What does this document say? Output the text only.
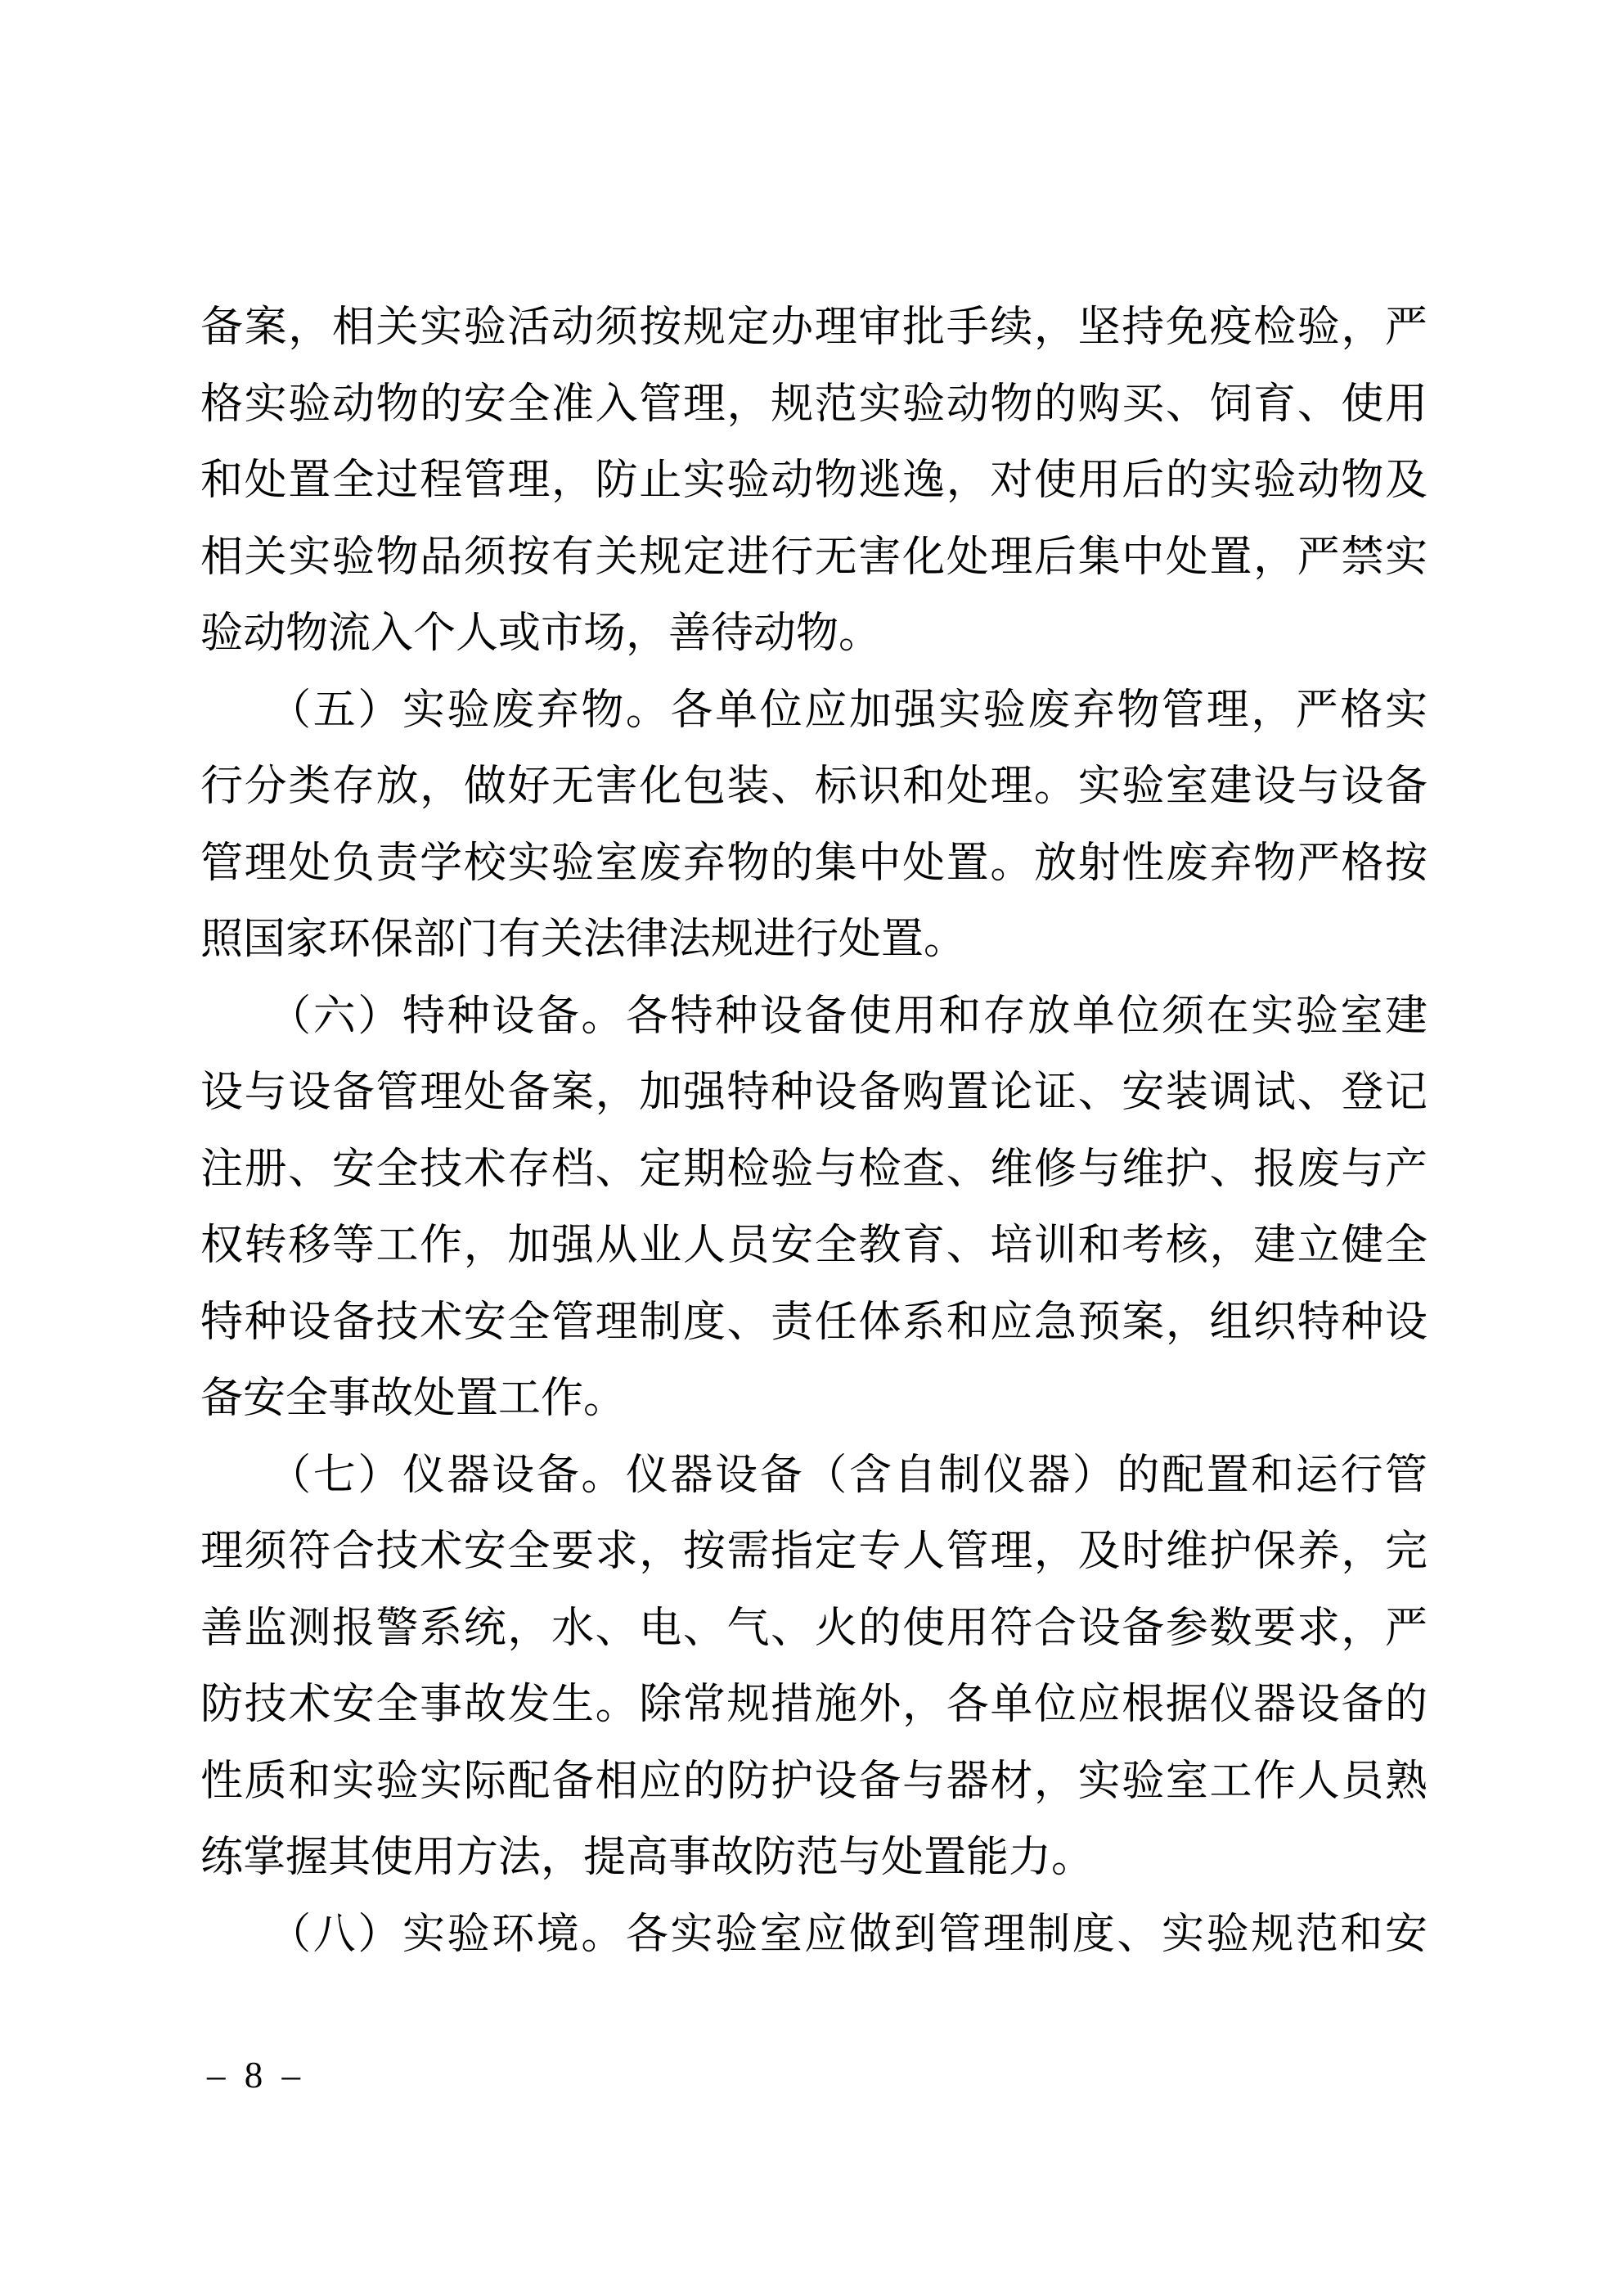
备案，相关实验活动须按规定办理审批手续，坚持免疫检验，严
格实验动物的安全准入管理，规范实验动物的购买、饲育、使用
和处置全过程管理，防止实验动物逃逸，对使用后的实验动物及
相关实验物品须按有关规定进行无害化处理后集中处置，严禁实
验动物流入个人或市场，善待动物。
　　（五）实验废弃物。各单位应加强实验废弃物管理，严格实
行分类存放，做好无害化包装、标识和处理。实验室建设与设备
管理处负责学校实验室废弃物的集中处置。放射性废弃物严格按
照国家环保部门有关法律法规进行处置。
　　（六）特种设备。各特种设备使用和存放单位须在实验室建
设与设备管理处备案，加强特种设备购置论证、安装调试、登记
注册、安全技术存档、定期检验与检查、维修与维护、报废与产
权转移等工作，加强从业人员安全教育、培训和考核，建立健全
特种设备技术安全管理制度、责任体系和应急预案，组织特种设
备安全事故处置工作。
　　（七）仪器设备。仪器设备（含自制仪器）的配置和运行管
理须符合技术安全要求，按需指定专人管理，及时维护保养，完
善监测报警系统，水、电、气、火的使用符合设备参数要求，严
防技术安全事故发生。除常规措施外，各单位应根据仪器设备的
性质和实验实际配备相应的防护设备与器材，实验室工作人员熟
练掌握其使用方法，提高事故防范与处置能力。
　　（八）实验环境。各实验室应做到管理制度、实验规范和安
– 8 –
